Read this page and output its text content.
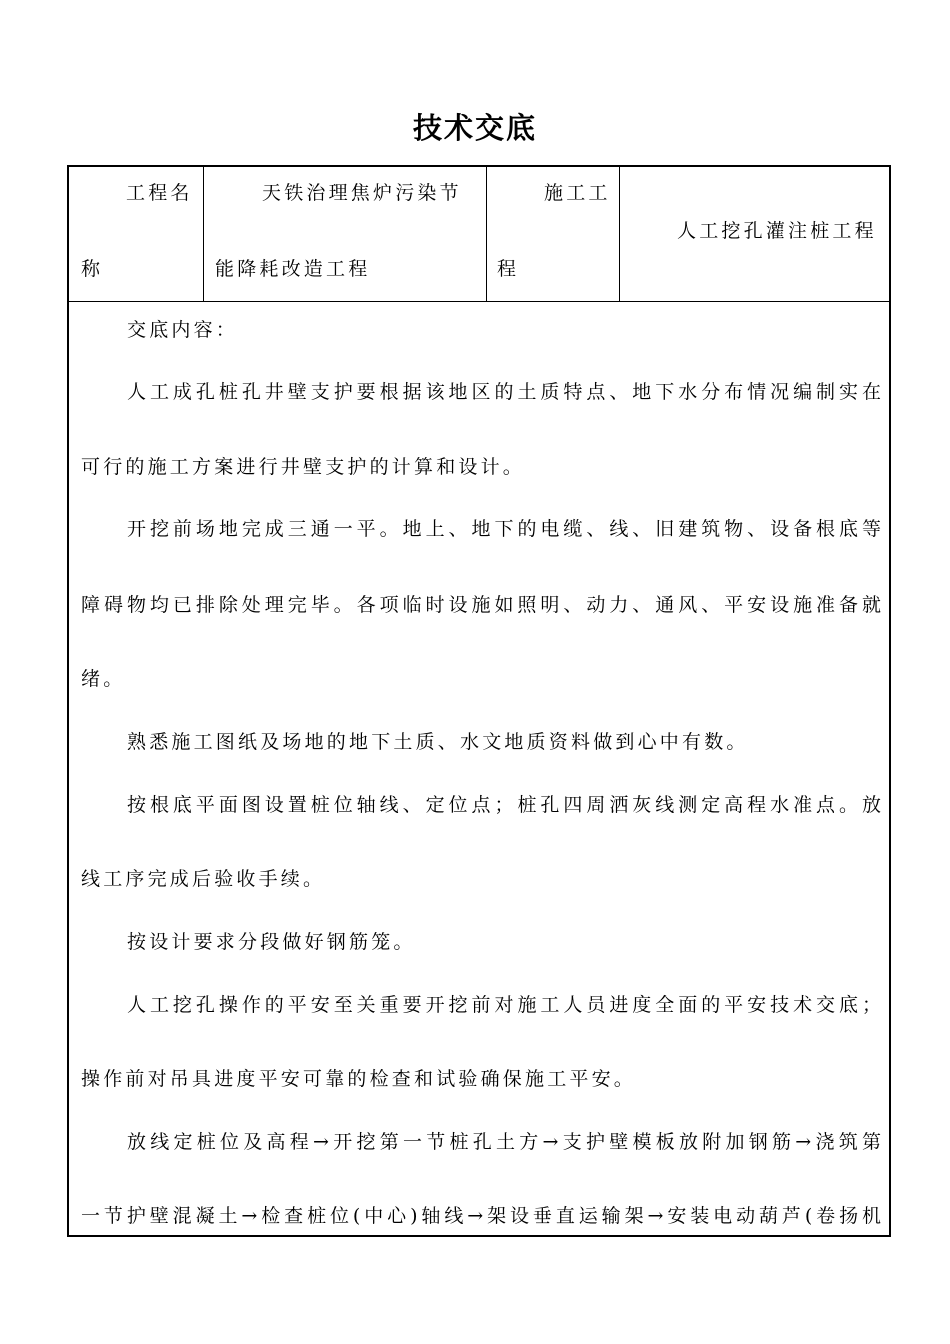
技术交底
工程名
称
天铁治理焦炉污染节
能降耗改造工程
施工工
程
人工挖孔灌注桩工程
交底内容：
人工成孔桩孔井壁支护要根据该地区的土质特点、地下水分布情况编制实在
可行的施工方案进行井壁支护的计算和设计。
开挖前场地完成三通一平。地上、地下的电缆、线、旧建筑物、设备根底等
障碍物均已排除处理完毕。各项临时设施如照明、动力、通风、平安设施准备就
绪。
熟悉施工图纸及场地的地下土质、水文地质资料做到心中有数。
按根底平面图设置桩位轴线、定位点；桩孔四周洒灰线测定高程水准点。放
线工序完成后验收手续。
按设计要求分段做好钢筋笼。
人工挖孔操作的平安至关重要开挖前对施工人员进度全面的平安技术交底；
操作前对吊具进度平安可靠的检查和试验确保施工平安。
放线定桩位及高程→开挖第一节桩孔土方→支护壁模板放附加钢筋→浇筑第
一节护壁混凝土→检查桩位(中心)轴线→架设垂直运输架→安装电动葫芦(卷扬机
